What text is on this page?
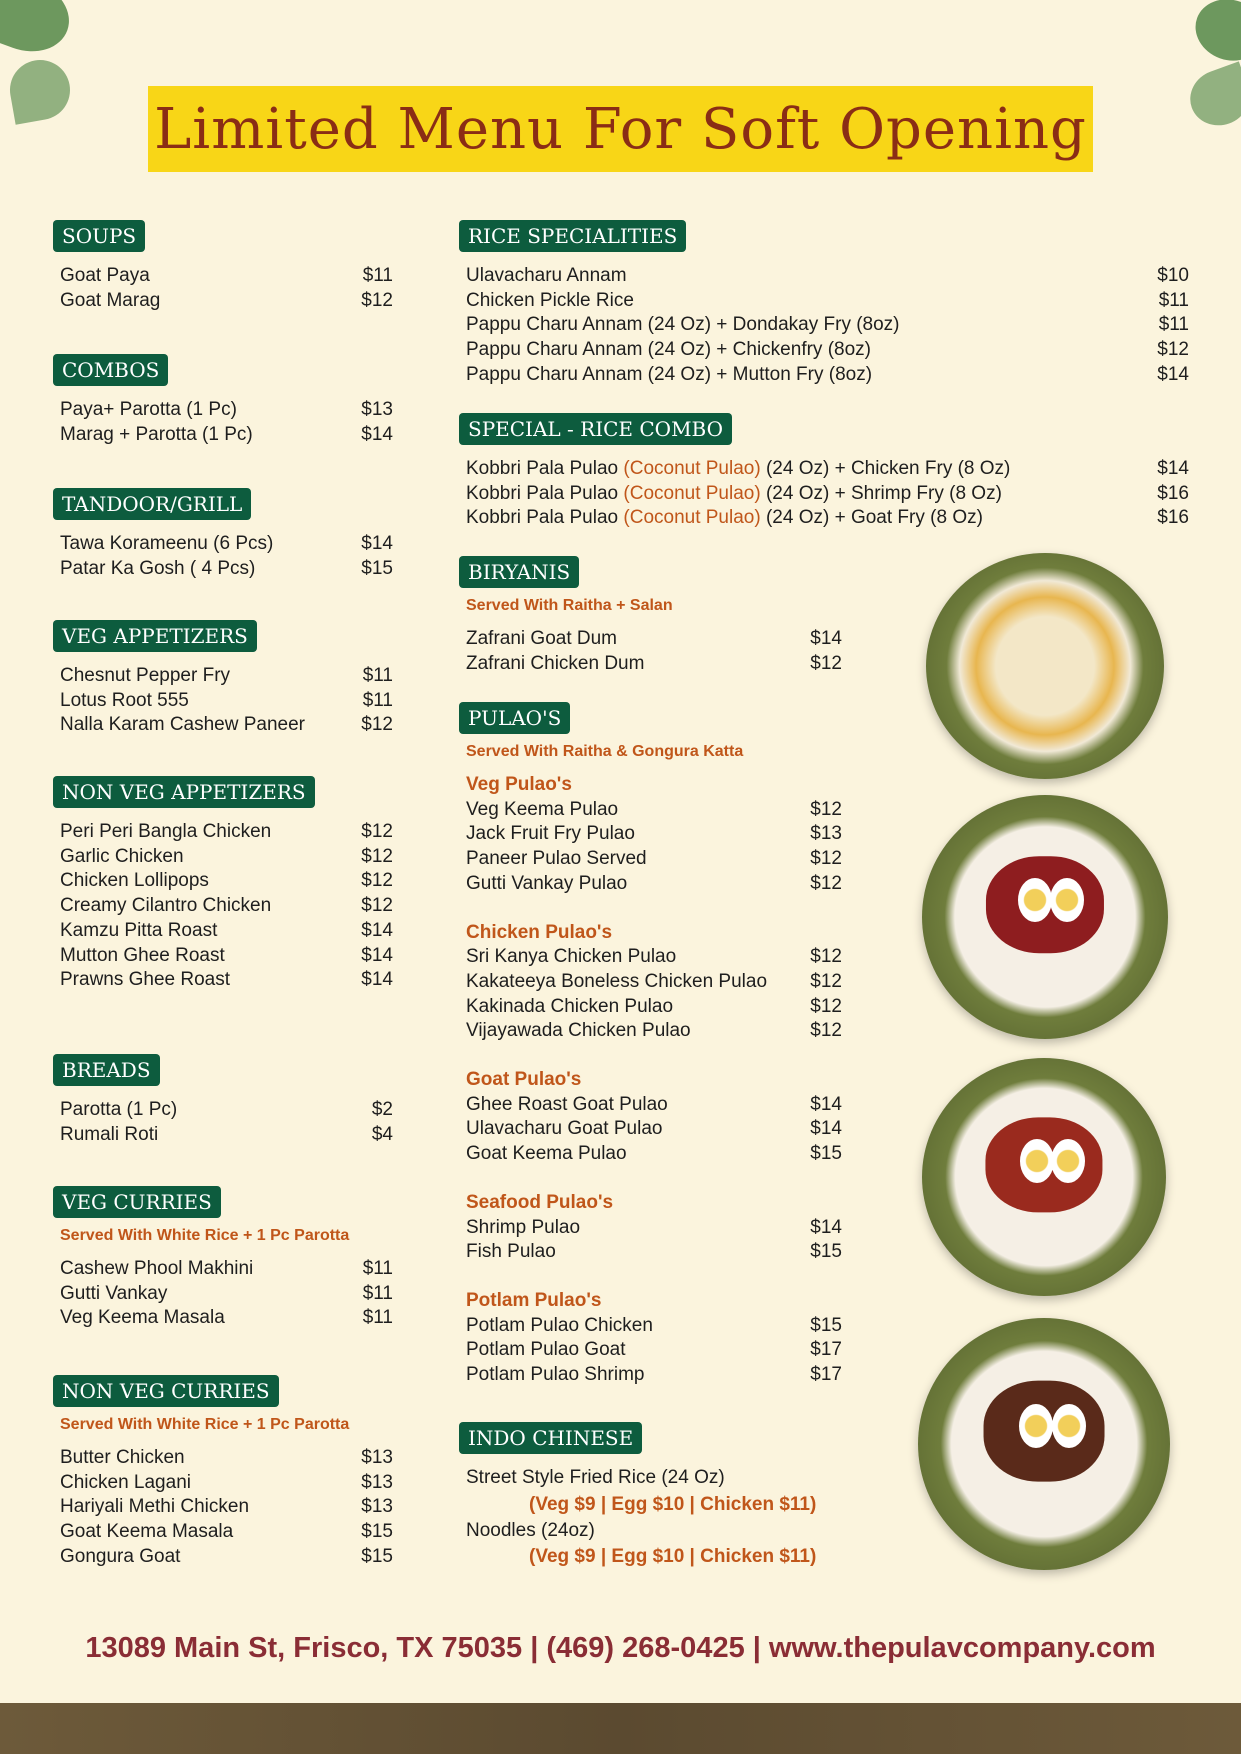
Limited Menu For Soft Opening
SOUPS
Goat Paya	$11
Goat Marag	$12
COMBOS
Paya+ Parotta (1 Pc)	$13
Marag + Parotta (1 Pc)	$14
TANDOOR/GRILL
Tawa Korameenu (6 Pcs)	$14
Patar Ka Gosh ( 4 Pcs)	$15
VEG APPETIZERS
Chesnut Pepper Fry	$11
Lotus Root 555	$11
Nalla Karam Cashew Paneer	$12
NON VEG APPETIZERS
Peri Peri Bangla Chicken	$12
Garlic Chicken	$12
Chicken Lollipops	$12
Creamy Cilantro Chicken	$12
Kamzu Pitta Roast	$14
Mutton Ghee Roast	$14
Prawns Ghee Roast	$14
BREADS
Parotta (1 Pc)	$2
Rumali Roti	$4
VEG CURRIES
Served With White Rice + 1 Pc Parotta
Cashew Phool Makhini	$11
Gutti Vankay	$11
Veg Keema Masala	$11
NON VEG CURRIES
Served With White Rice + 1 Pc Parotta
Butter Chicken	$13
Chicken Lagani	$13
Hariyali Methi Chicken	$13
Goat Keema Masala	$15
Gongura Goat	$15
RICE SPECIALITIES
Ulavacharu Annam	$10
Chicken Pickle Rice	$11
Pappu Charu Annam (24 Oz) + Dondakay Fry (8oz)	$11
Pappu Charu Annam (24 Oz) + Chickenfry (8oz)	$12
Pappu Charu Annam (24 Oz) + Mutton Fry (8oz)	$14
SPECIAL - RICE COMBO
Kobbri Pala Pulao (Coconut Pulao) (24 Oz) + Chicken Fry (8 Oz)	$14
Kobbri Pala Pulao (Coconut Pulao) (24 Oz) + Shrimp Fry (8 Oz)	$16
Kobbri Pala Pulao (Coconut Pulao) (24 Oz) + Goat Fry (8 Oz)	$16
BIRYANIS
Served With Raitha + Salan
Zafrani Goat Dum	$14
Zafrani Chicken Dum	$12
PULAO'S
Served With Raitha & Gongura Katta
Veg Pulao's
Veg Keema Pulao	$12
Jack Fruit Fry Pulao	$13
Paneer Pulao Served	$12
Gutti Vankay Pulao	$12
Chicken Pulao's
Sri Kanya Chicken Pulao	$12
Kakateeya Boneless Chicken Pulao $12
Kakinada Chicken Pulao	$12
Vijayawada Chicken Pulao	$12
Goat Pulao's
Ghee Roast Goat Pulao	$14
Ulavacharu Goat Pulao	$14
Goat Keema Pulao	$15
Seafood Pulao's
Shrimp Pulao	$14
Fish Pulao	$15
Potlam Pulao's
Potlam Pulao Chicken	$15
Potlam Pulao Goat	$17
Potlam Pulao Shrimp	$17
INDO CHINESE
Street Style Fried Rice (24 Oz)
(Veg $9 | Egg $10 | Chicken $11)
Noodles (24oz)
(Veg $9 | Egg $10 | Chicken $11)
13089 Main St, Frisco, TX 75035 | (469) 268-0425 | www.thepulavcompany.com
